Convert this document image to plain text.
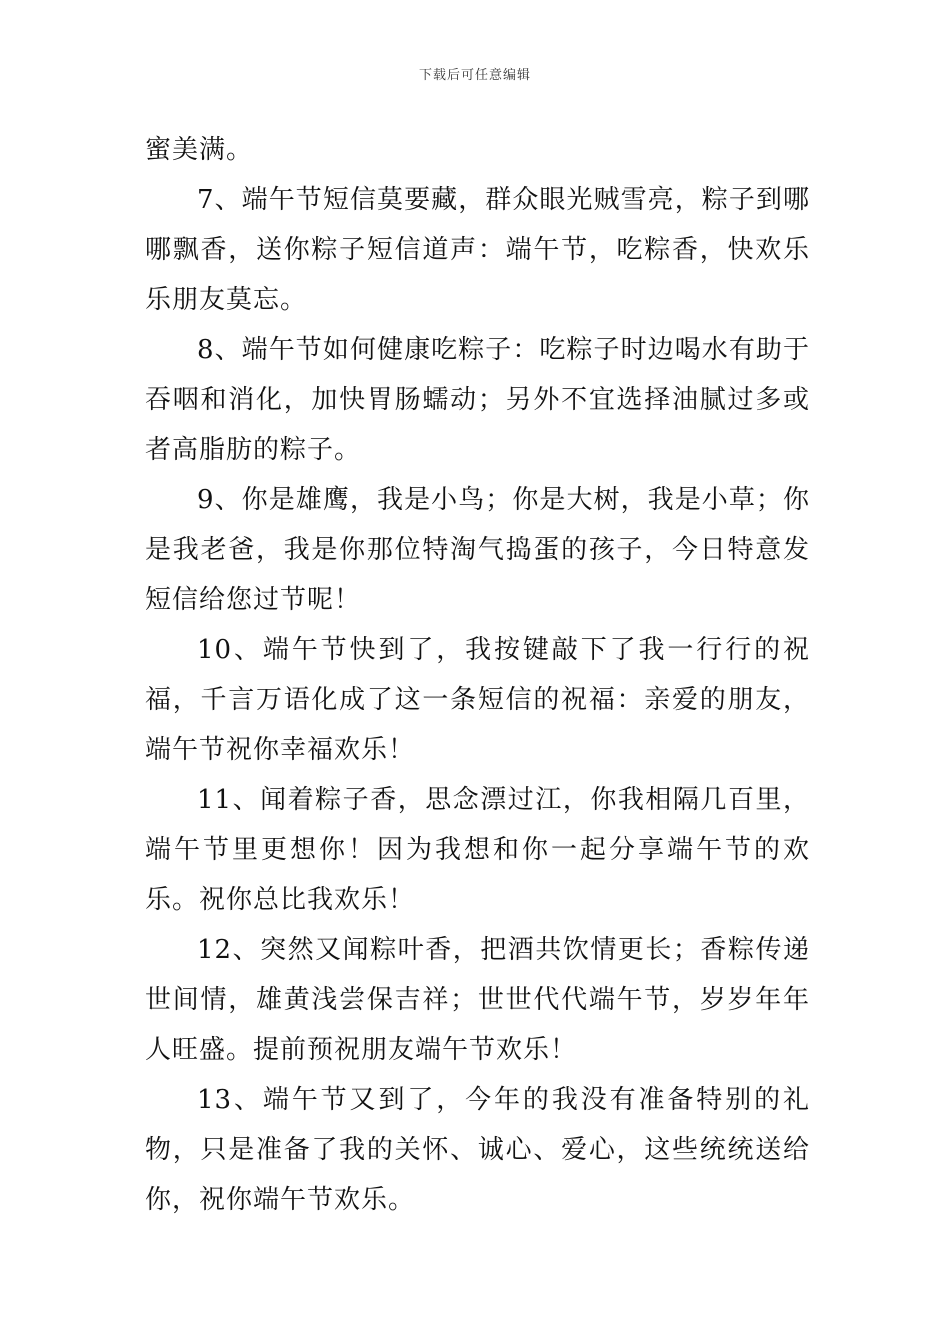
下载后可任意编辑

蜜美满。

7、端午节短信莫要藏，群众眼光贼雪亮，粽子到哪哪飘香，送你粽子短信道声：端午节，吃粽香，快欢乐乐朋友莫忘。

8、端午节如何健康吃粽子：吃粽子时边喝水有助于吞咽和消化，加快胃肠蠕动；另外不宜选择油腻过多或者高脂肪的粽子。

9、你是雄鹰，我是小鸟；你是大树，我是小草；你是我老爸，我是你那位特淘气捣蛋的孩子，今日特意发短信给您过节呢！

10、端午节快到了，我按键敲下了我一行行的祝福，千言万语化成了这一条短信的祝福：亲爱的朋友，端午节祝你幸福欢乐！

11、闻着粽子香，思念漂过江，你我相隔几百里，端午节里更想你！因为我想和你一起分享端午节的欢乐。祝你总比我欢乐！

12、突然又闻粽叶香，把酒共饮情更长；香粽传递世间情，雄黄浅尝保吉祥；世世代代端午节，岁岁年年人旺盛。提前预祝朋友端午节欢乐！

13、端午节又到了，今年的我没有准备特别的礼物，只是准备了我的关怀、诚心、爱心，这些统统送给你，祝你端午节欢乐。
